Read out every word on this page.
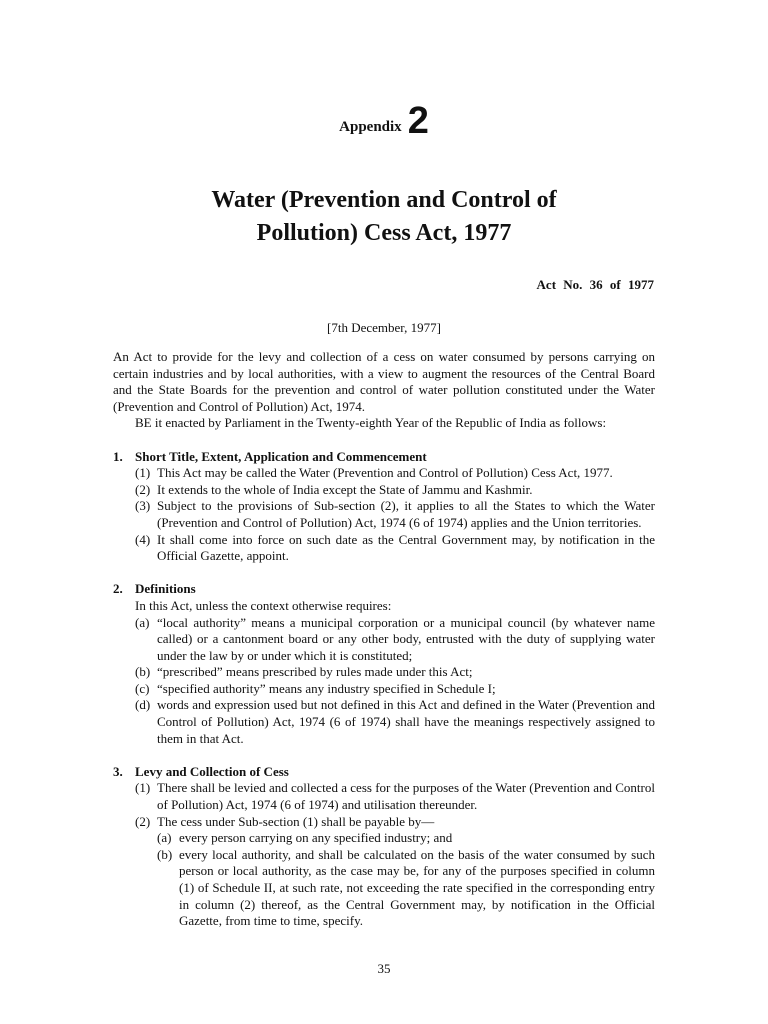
Appendix 2
Water (Prevention and Control of
Pollution) Cess Act, 1977
Act No. 36 of 1977
[7th December, 1977]

An Act to provide for the levy and collection of a cess on water consumed by persons carrying on certain industries and by local authorities, with a view to augment the resources of the Central Board and the State Boards for the prevention and control of water pollution constituted under the Water (Prevention and Control of Pollution) Act, 1974.

BE it enacted by Parliament in the Twenty-eighth Year of the Republic of India as follows:

1. Short Title, Extent, Application and Commencement
(1) This Act may be called the Water (Prevention and Control of Pollution) Cess Act, 1977.
(2) It extends to the whole of India except the State of Jammu and Kashmir.
(3) Subject to the provisions of Sub-section (2), it applies to all the States to which the Water (Prevention and Control of Pollution) Act, 1974 (6 of 1974) applies and the Union territories.
(4) It shall come into force on such date as the Central Government may, by notification in the Official Gazette, appoint.
2. Definitions
In this Act, unless the context otherwise requires:
(a) “local authority” means a municipal corporation or a municipal council (by whatever name called) or a cantonment board or any other body, entrusted with the duty of supplying water under the law by or under which it is constituted;
(b) “prescribed” means prescribed by rules made under this Act;
(c) “specified authority” means any industry specified in Schedule I;
(d) words and expression used but not defined in this Act and defined in the Water (Prevention and Control of Pollution) Act, 1974 (6 of 1974) shall have the meanings respectively assigned to them in that Act.
3. Levy and Collection of Cess
(1) There shall be levied and collected a cess for the purposes of the Water (Prevention and Control of Pollution) Act, 1974 (6 of 1974) and utilisation thereunder.
(2) The cess under Sub-section (1) shall be payable by—
(a) every person carrying on any specified industry; and
(b) every local authority, and shall be calculated on the basis of the water consumed by such person or local authority, as the case may be, for any of the purposes specified in column (1) of Schedule II, at such rate, not exceeding the rate specified in the corresponding entry in column (2) thereof, as the Central Government may, by notification in the Official Gazette, from time to time, specify.
35
